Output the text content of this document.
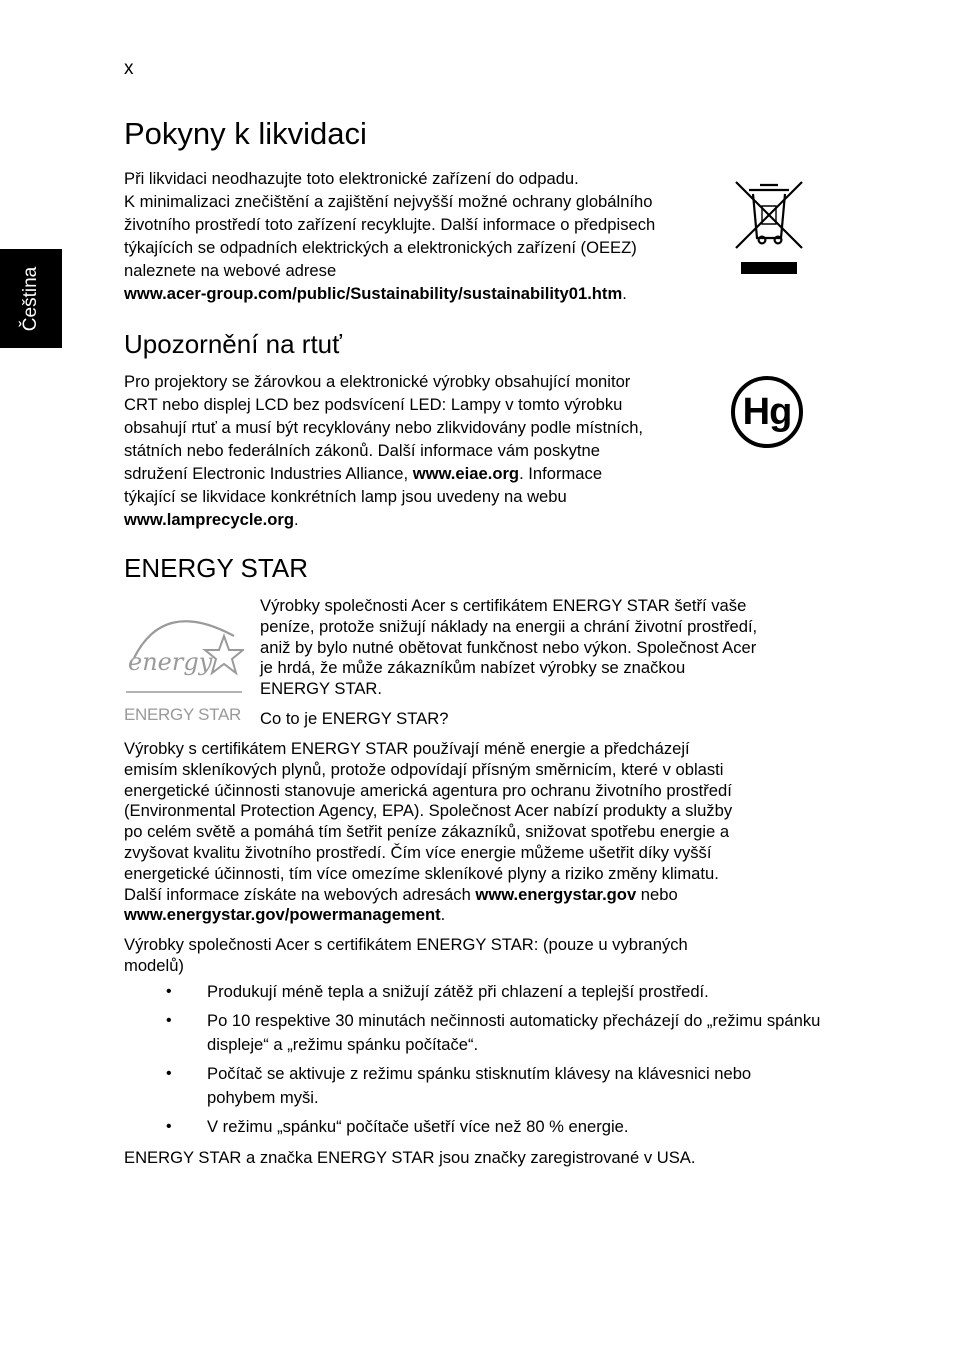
x
Čeština
Pokyny k likvidaci
Při likvidaci neodhazujte toto elektronické zařízení do odpadu.
K minimalizaci znečištění a zajištění nejvyšší možné ochrany globálního
životního prostředí toto zařízení recyklujte. Další informace o předpisech
týkajících se odpadních elektrických a elektronických zařízení (OEEZ)
naleznete na webové adrese
www.acer-group.com/public/Sustainability/sustainability01.htm.
Upozornění na rtuť
Pro projektory se žárovkou a elektronické výrobky obsahující monitor
CRT nebo displej LCD bez podsvícení LED: Lampy v tomto výrobku
obsahují rtuť a musí být recyklovány nebo zlikvidovány podle místních,
státních nebo federálních zákonů. Další informace vám poskytne
sdružení Electronic Industries Alliance, www.eiae.org. Informace
týkající se likvidace konkrétních lamp jsou uvedeny na webu
www.lamprecycle.org.
Hg
ENERGY STAR
energy
ENERGY STAR
Výrobky společnosti Acer s certifikátem ENERGY STAR šetří vaše
peníze, protože snižují náklady na energii a chrání životní prostředí,
aniž by bylo nutné obětovat funkčnost nebo výkon. Společnost Acer
je hrdá, že může zákazníkům nabízet výrobky se značkou
ENERGY STAR.
Co to je ENERGY STAR?
Výrobky s certifikátem ENERGY STAR používají méně energie a předcházejí
emisím skleníkových plynů, protože odpovídají přísným směrnicím, které v oblasti
energetické účinnosti stanovuje americká agentura pro ochranu životního prostředí
(Environmental Protection Agency, EPA). Společnost Acer nabízí produkty a služby
po celém světě a pomáhá tím šetřit peníze zákazníků, snižovat spotřebu energie a
zvyšovat kvalitu životního prostředí. Čím více energie můžeme ušetřit díky vyšší
energetické účinnosti, tím více omezíme skleníkové plyny a riziko změny klimatu.
Další informace získáte na webových adresách www.energystar.gov nebo
www.energystar.gov/powermanagement.
Výrobky společnosti Acer s certifikátem ENERGY STAR: (pouze u vybraných
modelů)
• Produkují méně tepla a snižují zátěž při chlazení a teplejší prostředí.
• Po 10 respektive 30 minutách nečinnosti automaticky přecházejí do „režimu spánku displeje“ a „režimu spánku počítače“.
• Počítač se aktivuje z režimu spánku stisknutím klávesy na klávesnici nebo pohybem myši.
• V režimu „spánku“ počítače ušetří více než 80 % energie.
ENERGY STAR a značka ENERGY STAR jsou značky zaregistrované v USA.
